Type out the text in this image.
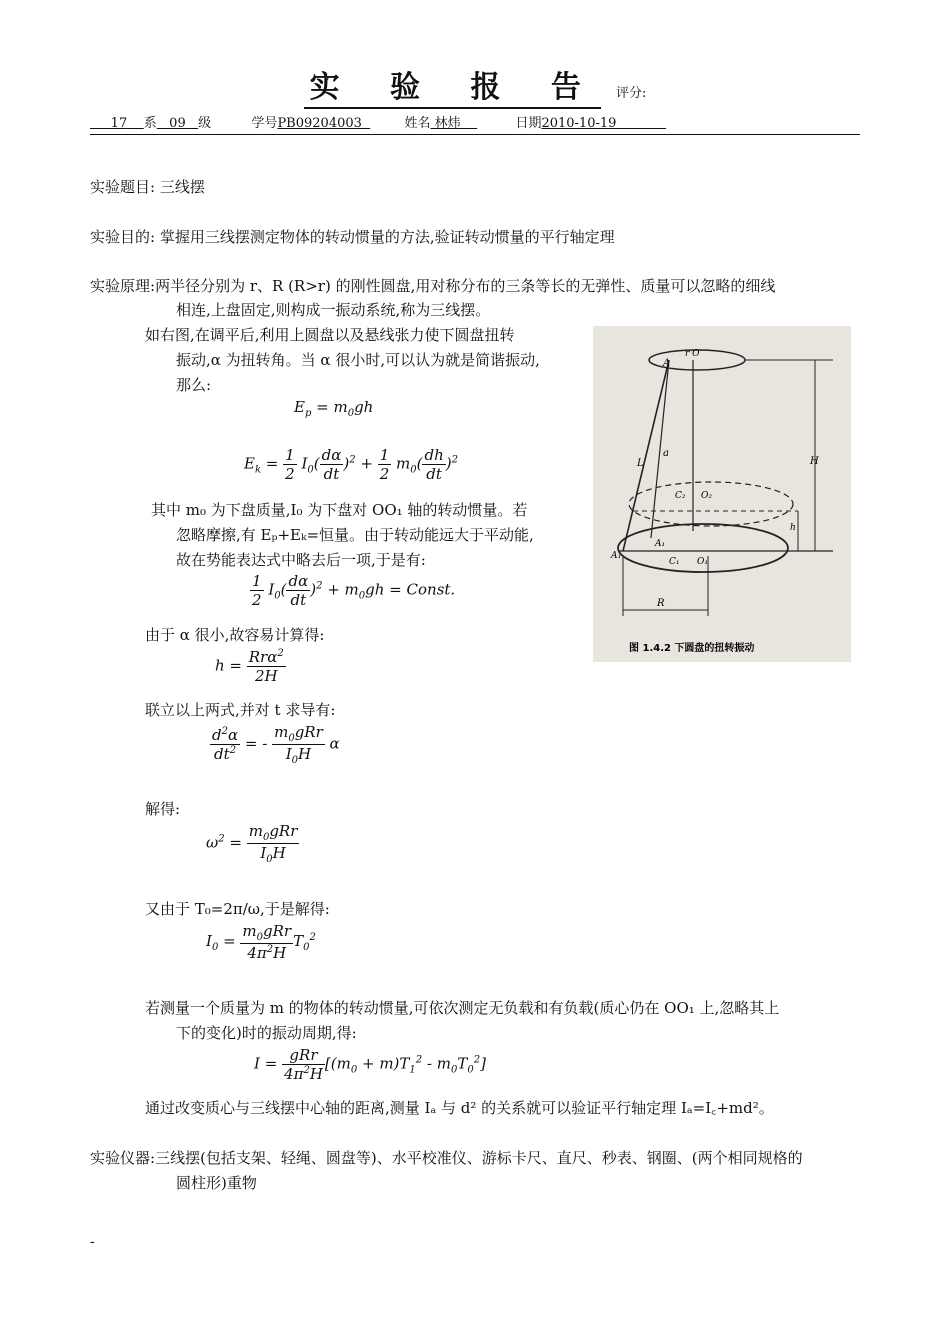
实 验 报 告 评分:
17 系 09 级	学号PB09204003	姓名 林炜	日期2010-10-19
实验题目: 三线摆
实验目的: 掌握用三线摆测定物体的转动惯量的方法,验证转动惯量的平行轴定理
实验原理:两半径分别为 r、R (R>r) 的刚性圆盘,用对称分布的三条等长的无弹性、质量可以忽略的细线
相连,上盘固定,则构成一振动系统,称为三线摆。
如右图,在调平后,利用上圆盘以及悬线张力使下圆盘扭转
振动,α 为扭转角。当 α 很小时,可以认为就是简谐振动,
那么:
$E_p = m_0gh$
$E_k = \frac{1}{2} I_0( \frac{d\alpha}{dt} )^2 + \frac{1}{2} m_0( \frac{dh}{dt} )^2$
其中 m₀ 为下盘质量,I₀ 为下盘对 OO₁ 轴的转动惯量。若
忽略摩擦,有 Eₚ+Eₖ=恒量。由于转动能远大于平动能,
故在势能表达式中略去后一项,于是有:
$\frac{1}{2} I_0( \frac{d\alpha}{dt} )^2 + m_0gh$ = Const.
由于 α 很小,故容易计算得:
$h = \frac{Rr\alpha^2}{2H}$
联立以上两式,并对 t 求导有:
$\frac{d^2\alpha}{dt^2}$ = - $\frac{m_0gRr}{I_0H}$ α
解得:
$\omega^2 = \frac{m_0gRr}{I_0H}$
又由于 T₀=2π/ω,于是解得:
$I_0 = \frac{m_0gRr}{4\pi^2H} T_0^2$
若测量一个质量为 m 的物体的转动惯量,可依次测定无负载和有负载(质心仍在 OO₁ 上,忽略其上
下的变化)时的振动周期,得:
$I = \frac{\text{gRr}}{4\pi^2H} [(m_0 + m)T_1^2 - m_0T_0^2]$
通过改变质心与三线摆中心轴的距离,测量 Iₐ 与 d² 的关系就可以验证平行轴定理 Iₐ=I꜀+md²。
实验仪器:三线摆(包括支架、轻绳、圆盘等)、水平校准仪、游标卡尺、直尺、秒表、钢圈、(两个相同规格的
圆柱形)重物
-
A
r O
a
L	H
C₂ O₂
h
A₁
A₁
C₁ O₁
R
图 1.4.2 下圆盘的扭转振动
